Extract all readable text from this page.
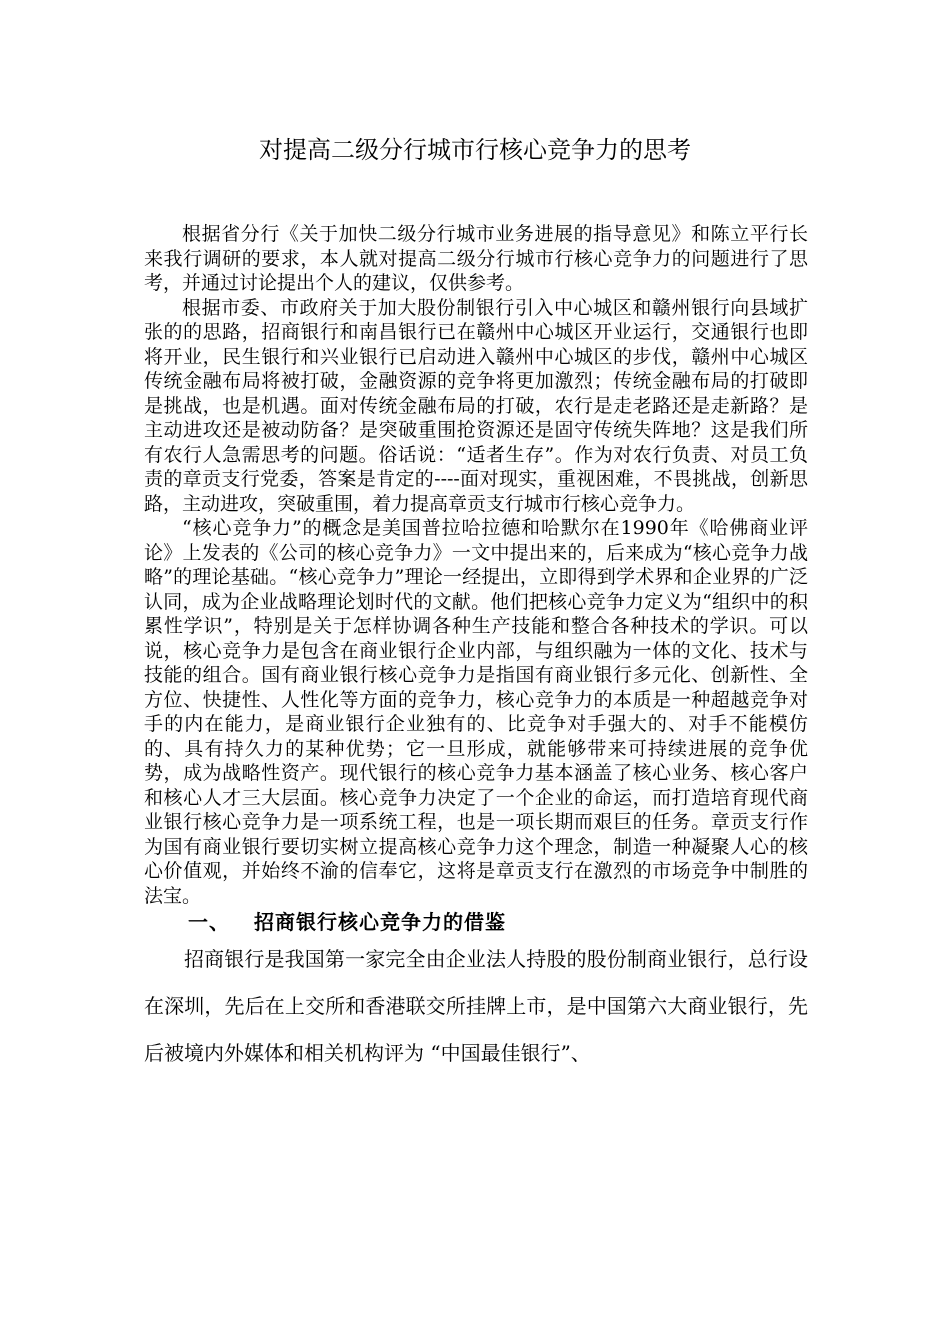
对提高二级分行城市行核心竞争力的思考

根据省分行《关于加快二级分行城市业务进展的指导意见》和陈立平行长来我行调研的要求，本人就对提高二级分行城市行核心竞争力的问题进行了思考，并通过讨论提出个人的建议，仅供参考。

根据市委、市政府关于加大股份制银行引入中心城区和赣州银行向县域扩张的的思路，招商银行和南昌银行已在赣州中心城区开业运行，交通银行也即将开业，民生银行和兴业银行已启动进入赣州中心城区的步伐，赣州中心城区传统金融布局将被打破，金融资源的竞争将更加激烈；传统金融布局的打破即是挑战，也是机遇。面对传统金融布局的打破，农行是走老路还是走新路？是主动进攻还是被动防备？是突破重围抢资源还是固守传统失阵地？这是我们所有农行人急需思考的问题。俗话说：“适者生存”。作为对农行负责、对员工负责的章贡支行党委，答案是肯定的----面对现实，重视困难，不畏挑战，创新思路，主动进攻，突破重围，着力提高章贡支行城市行核心竞争力。

“核心竞争力”的概念是美国普拉哈拉德和哈默尔在1990年《哈佛商业评论》上发表的《公司的核心竞争力》一文中提出来的，后来成为“核心竞争力战略”的理论基础。“核心竞争力”理论一经提出，立即得到学术界和企业界的广泛认同，成为企业战略理论划时代的文献。他们把核心竞争力定义为“组织中的积累性学识”，特别是关于怎样协调各种生产技能和整合各种技术的学识。可以说，核心竞争力是包含在商业银行企业内部，与组织融为一体的文化、技术与技能的组合。国有商业银行核心竞争力是指国有商业银行多元化、创新性、全方位、快捷性、人性化等方面的竞争力，核心竞争力的本质是一种超越竞争对手的内在能力，是商业银行企业独有的、比竞争对手强大的、对手不能模仿的、具有持久力的某种优势；它一旦形成，就能够带来可持续进展的竞争优势，成为战略性资产。现代银行的核心竞争力基本涵盖了核心业务、核心客户和核心人才三大层面。核心竞争力决定了一个企业的命运，而打造培育现代商业银行核心竞争力是一项系统工程，也是一项长期而艰巨的任务。章贡支行作为国有商业银行要切实树立提高核心竞争力这个理念，制造一种凝聚人心的核心价值观，并始终不渝的信奉它，这将是章贡支行在激烈的市场竞争中制胜的法宝。

一、 招商银行核心竞争力的借鉴

招商银行是我国第一家完全由企业法人持股的股份制商业银行，总行设在深圳，先后在上交所和香港联交所挂牌上市，是中国第六大商业银行，先后被境内外媒体和相关机构评为 “中国最佳银行”、
